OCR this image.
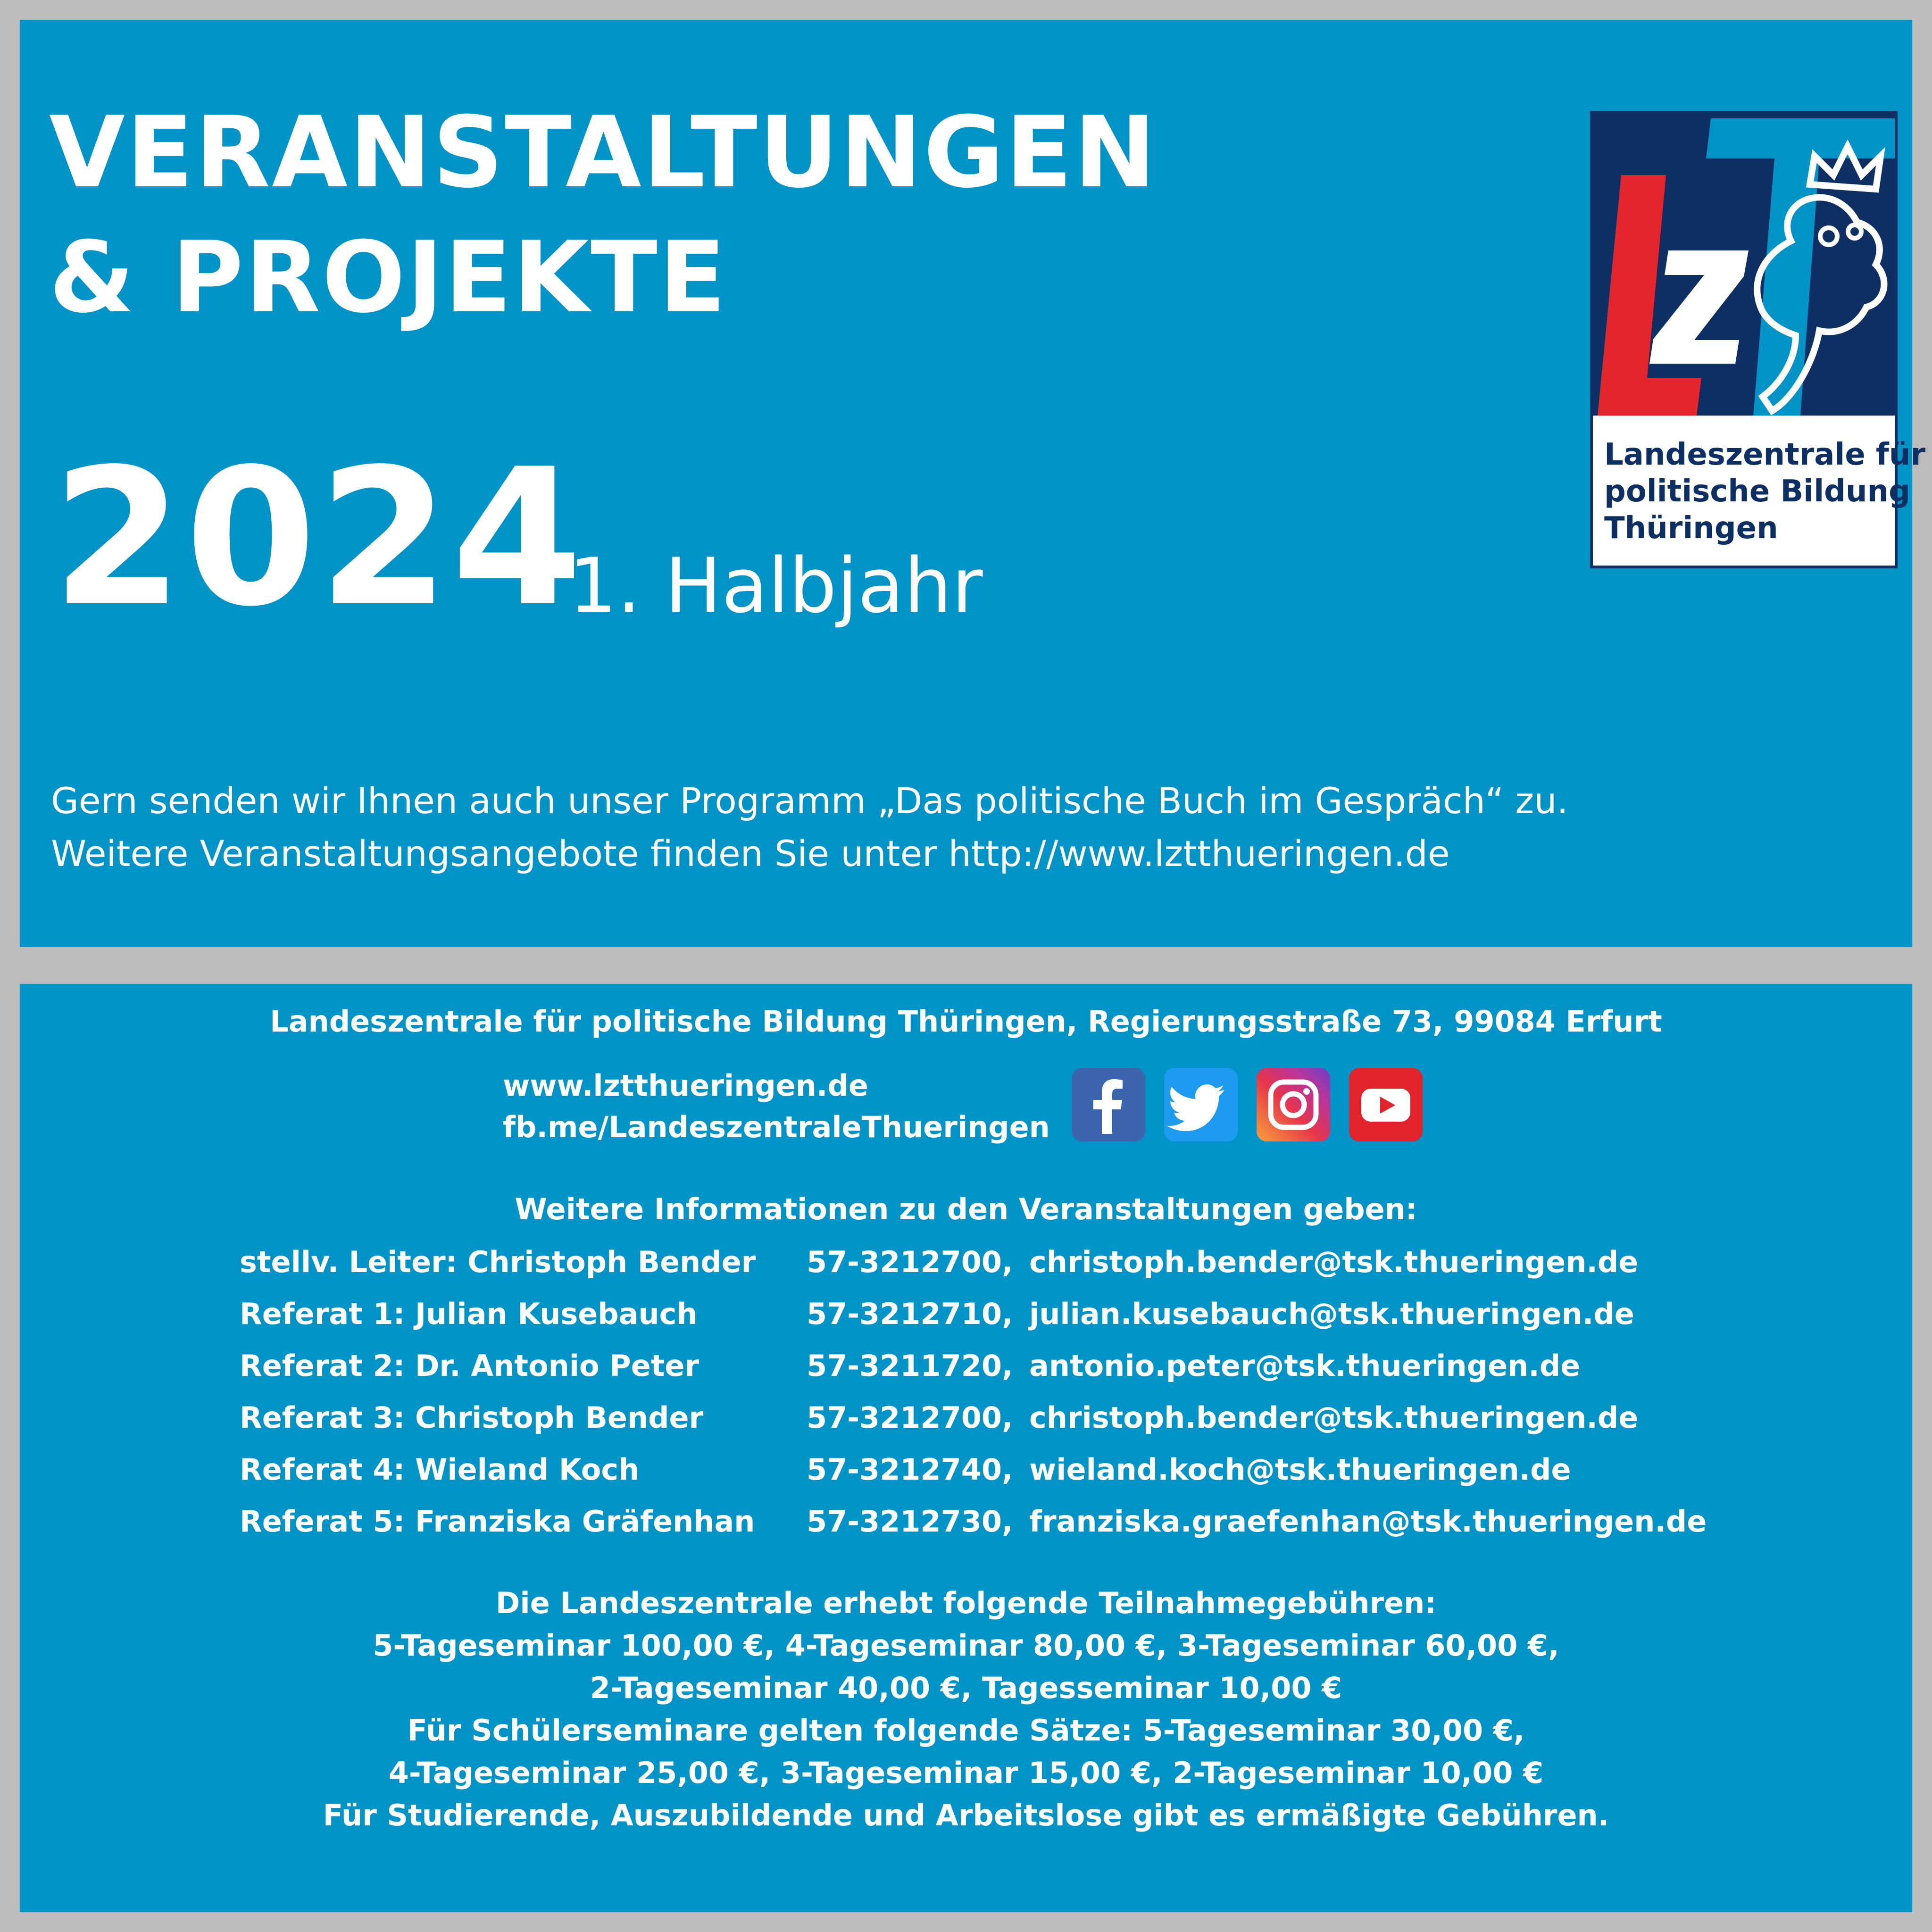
VERANSTALTUNGEN
& PROJEKTE
2024
1. Halbjahr
Gern senden wir Ihnen auch unser Programm „Das politische Buch im Gespräch“ zu.
Weitere Veranstaltungsangebote finden Sie unter http://www.lztthueringen.de
Landeszentrale für
politische Bildung
Thüringen
Landeszentrale für politische Bildung Thüringen, Regierungsstraße 73, 99084 Erfurt
www.lztthueringen.de
fb.me/LandeszentraleThueringen
Weitere Informationen zu den Veranstaltungen geben:
stellv. Leiter: Christoph Bender 57-3212700, christoph.bender@tsk.thueringen.de
Referat 1: Julian Kusebauch	57-3212710, julian.kusebauch@tsk.thueringen.de
Referat 2: Dr. Antonio Peter	57-3211720, antonio.peter@tsk.thueringen.de
Referat 3: Christoph Bender	57-3212700, christoph.bender@tsk.thueringen.de
Referat 4: Wieland Koch	57-3212740, wieland.koch@tsk.thueringen.de
Referat 5: Franziska Gräfenhan 57-3212730, franziska.graefenhan@tsk.thueringen.de
Die Landeszentrale erhebt folgende Teilnahmegebühren:
5-Tageseminar 100,00 €, 4-Tageseminar 80,00 €, 3-Tageseminar 60,00 €,
2-Tageseminar 40,00 €, Tagesseminar 10,00 €
Für Schülerseminare gelten folgende Sätze: 5-Tageseminar 30,00 €,
4-Tageseminar 25,00 €, 3-Tageseminar 15,00 €, 2-Tageseminar 10,00 €
Für Studierende, Auszubildende und Arbeitslose gibt es ermäßigte Gebühren.
